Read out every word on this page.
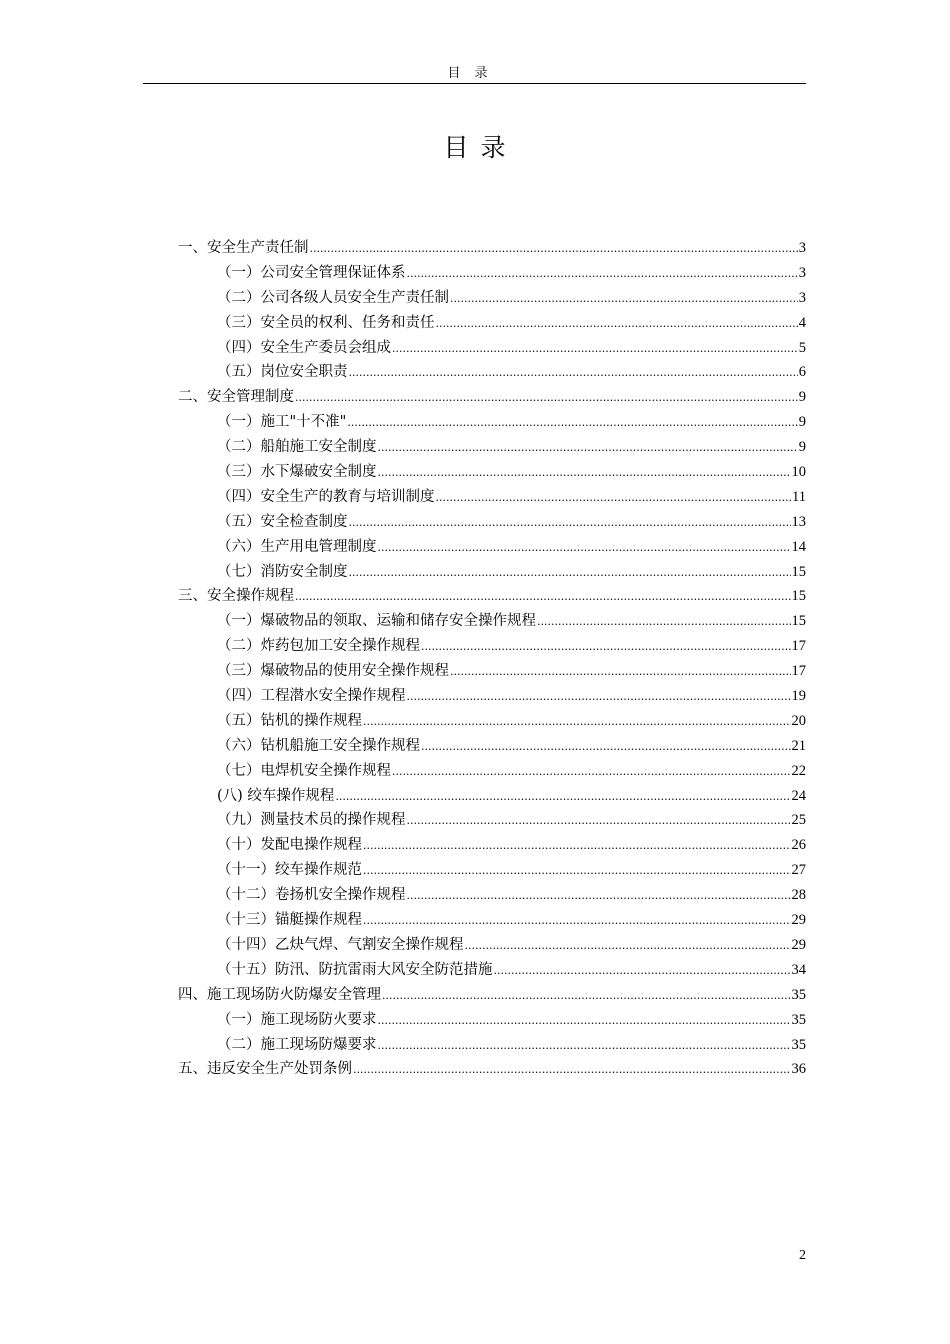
目录
目录
一、安全生产责任制 .....	3
（一）公司安全管理保证体系 .....	3
（二）公司各级人员安全生产责任制 .....	3
（三）安全员的权利、任务和责任 .....	4
（四）安全生产委员会组成 .....	5
（五）岗位安全职责 .....	6
二、安全管理制度 .....	9
（一）施工"十不准" .....	9
（二）船舶施工安全制度 .....	9
（三）水下爆破安全制度 .....	10
（四）安全生产的教育与培训制度 .....	11
（五）安全检查制度 .....	13
（六）生产用电管理制度 .....	14
（七）消防安全制度 .....	15
三、安全操作规程 .....	15
（一）爆破物品的领取、运输和储存安全操作规程 .....	15
（二）炸药包加工安全操作规程 .....	17
（三）爆破物品的使用安全操作规程 .....	17
（四）工程潜水安全操作规程 .....	19
（五）钻机的操作规程 .....	20
（六）钻机船施工安全操作规程 .....	21
（七）电焊机安全操作规程 .....	22
(八) 绞车操作规程 .....	24
（九）测量技术员的操作规程 .....	25
（十）发配电操作规程 .....	26
（十一）绞车操作规范 .....	27
（十二）卷扬机安全操作规程 .....	28
（十三）锚艇操作规程 .....	29
（十四）乙炔气焊、气割安全操作规程 .....	29
（十五）防汛、防抗雷雨大风安全防范措施 .....	34
四、施工现场防火防爆安全管理 .....	35
（一）施工现场防火要求 .....	35
（二）施工现场防爆要求 .....	35
五、违反安全生产处罚条例 .....	36
2
